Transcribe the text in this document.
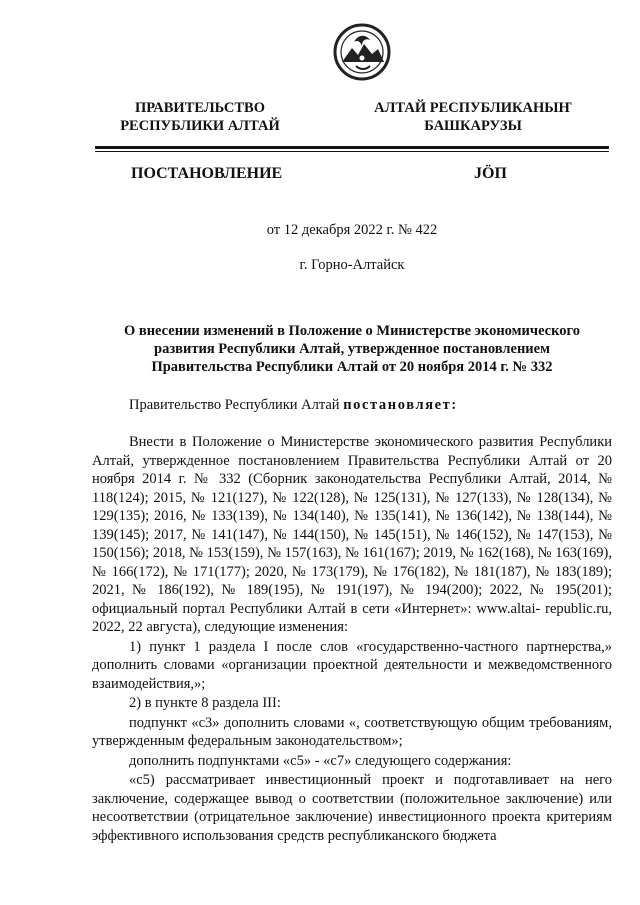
ПРАВИТЕЛЬСТВО
РЕСПУБЛИКИ АЛТАЙ
АЛТАЙ РЕСПУБЛИКАНЫҤ
БАШКАРУЗЫ
ПОСТАНОВЛЕНИЕ	JÖП
от 12 декабря 2022 г. № 422
г. Горно-Алтайск
О внесении изменений в Положение о Министерстве экономического
развития Республики Алтай, утвержденное постановлением
Правительства Республики Алтай от 20 ноября 2014 г. № 332
Правительство Республики Алтай постановляет:

Внести в Положение о Министерстве экономического развития Республики Алтай, утвержденное постановлением Правительства Республики Алтай от 20 ноября 2014 г. № 332 (Сборник законодательства Республики Алтай, 2014, № 118(124); 2015, № 121(127), № 122(128), № 125(131), № 127(133), № 128(134), № 129(135); 2016, № 133(139), № 134(140), № 135(141), № 136(142), № 138(144), № 139(145); 2017, № 141(147), № 144(150), № 145(151), № 146(152), № 147(153), № 150(156); 2018, № 153(159), № 157(163), № 161(167); 2019, № 162(168), № 163(169), № 166(172), № 171(177); 2020, № 173(179), № 176(182), № 181(187), № 183(189); 2021, № 186(192), № 189(195), № 191(197), № 194(200); 2022, № 195(201); официальный портал Республики Алтай в сети «Интернет»: www.altai- republic.ru, 2022, 22 августа), следующие изменения:

1) пункт 1 раздела I после слов «государственно-частного партнерства,» дополнить словами «организации проектной деятельности и межведомственного взаимодействия,»;

2) в пункте 8 раздела III:

подпункт «с3» дополнить словами «, соответствующую общим требованиям, утвержденным федеральным законодательством»;

дополнить подпунктами «с5» - «с7» следующего содержания:

«с5) рассматривает инвестиционный проект и подготавливает на него заключение, содержащее вывод о соответствии (положительное заключение) или несоответствии (отрицательное заключение) инвестиционного проекта критериям эффективного использования средств республиканского бюджета
